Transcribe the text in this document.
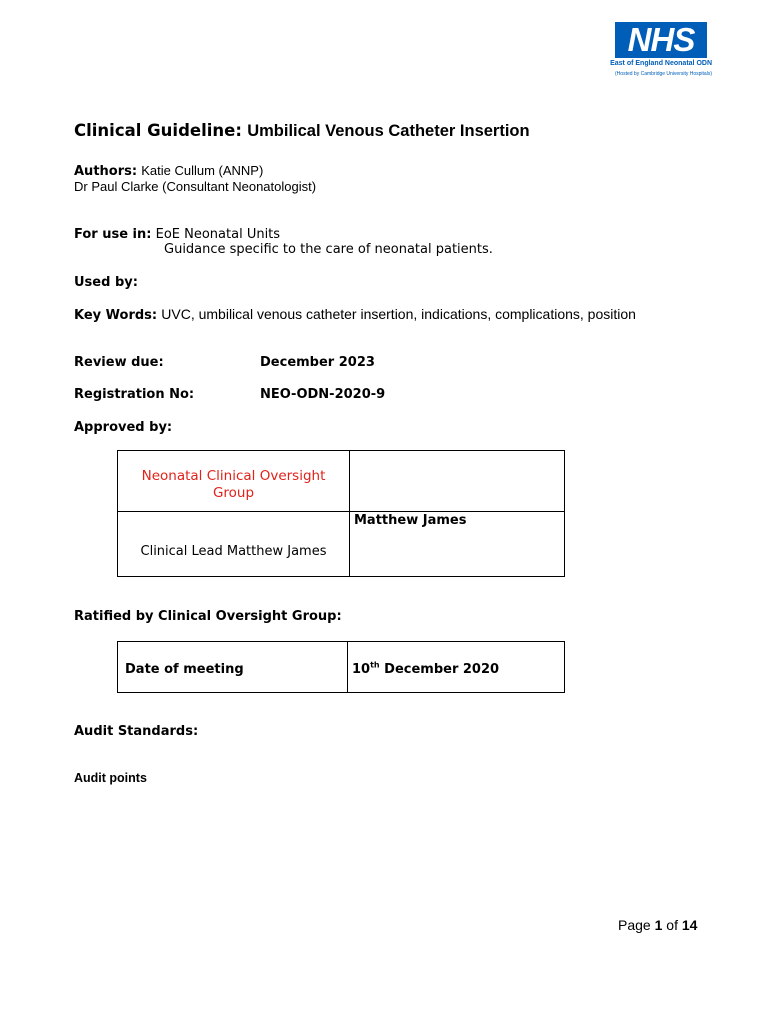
NHS
East of England Neonatal ODN
(Hosted by Cambridge University Hospitals)
Clinical Guideline: Umbilical Venous Catheter Insertion
Authors: Katie Cullum (ANNP)
Dr Paul Clarke (Consultant Neonatologist)
For use in: EoE Neonatal Units
Guidance specific to the care of neonatal patients.
Used by:
Key Words: UVC, umbilical venous catheter insertion, indications, complications, position
Review due:	December 2023
Registration No:	NEO-ODN-2020-9
Approved by:
Neonatal Clinical Oversight Group	

Clinical Lead Matthew James	Matthew James
Ratified by Clinical Oversight Group:
Date of meeting	10th December 2020
Audit Standards:
Audit points
Page 1 of 14
